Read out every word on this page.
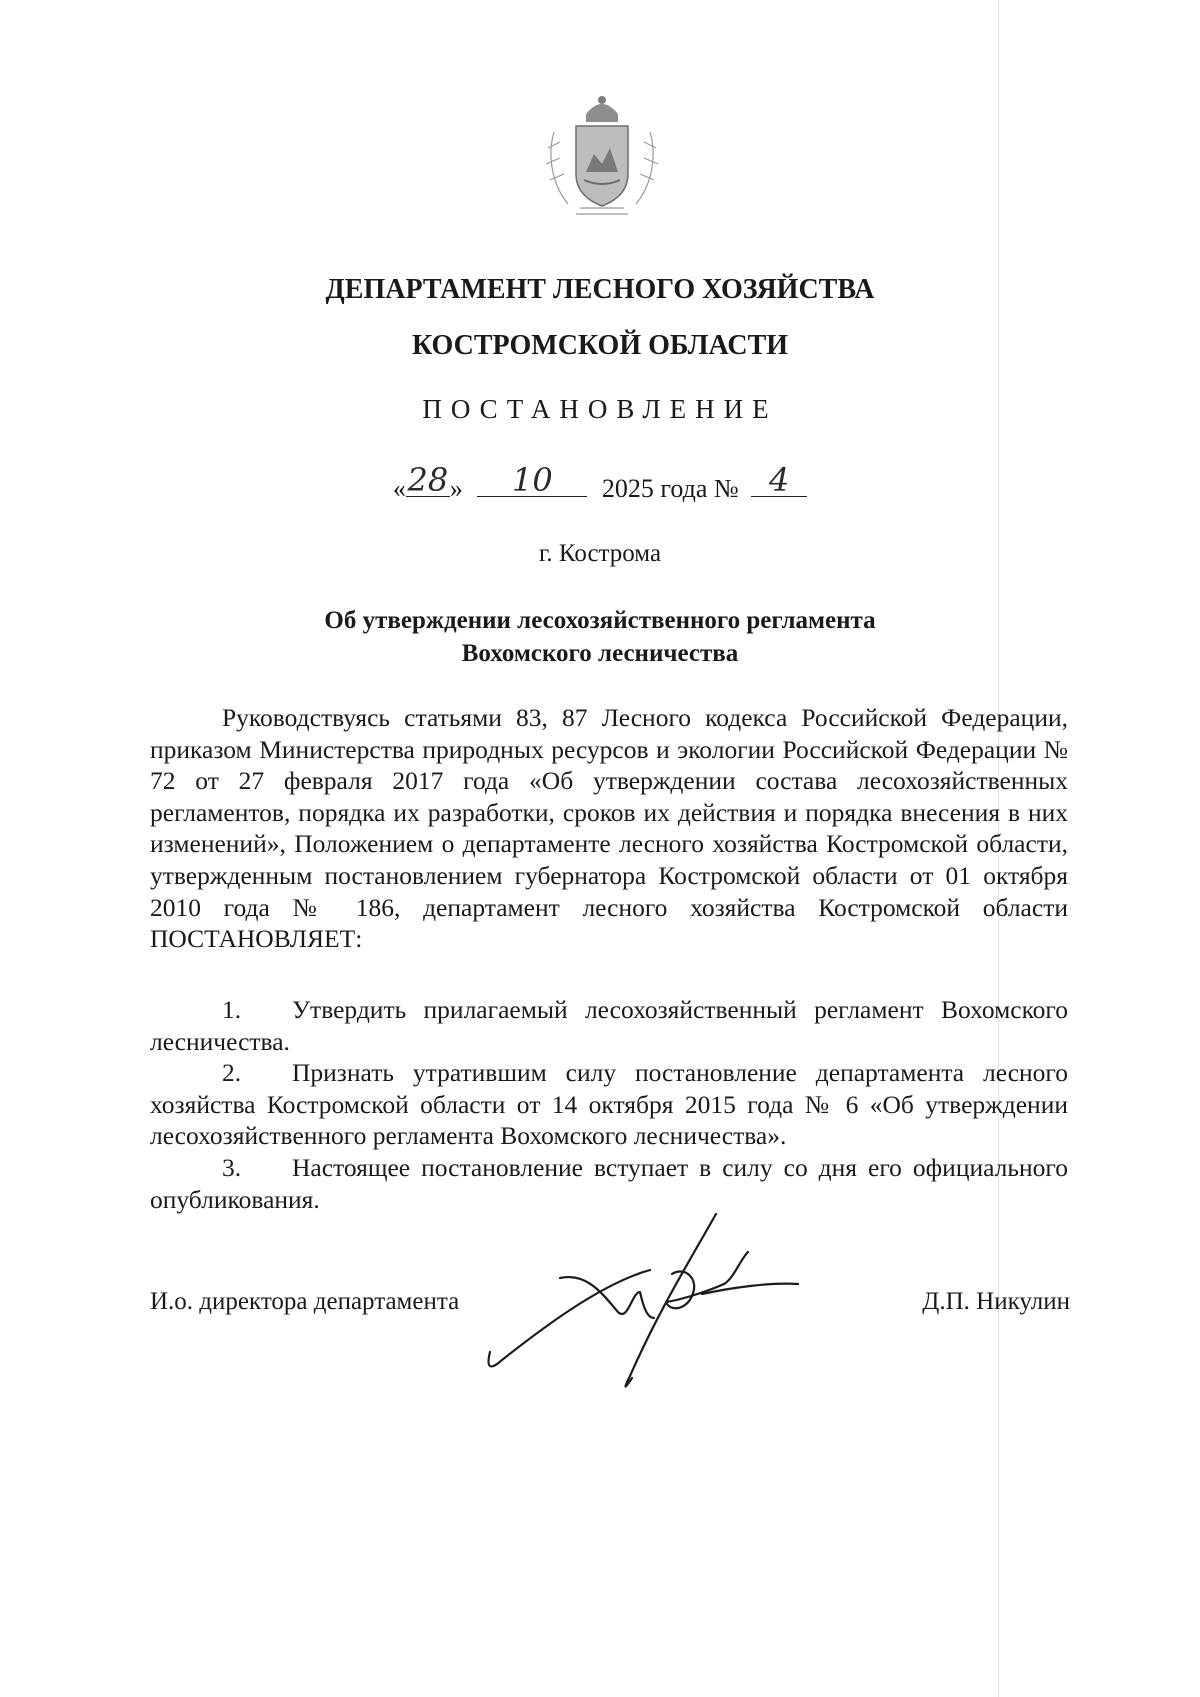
ДЕПАРТАМЕНТ ЛЕСНОГО ХОЗЯЙСТВА
КОСТРОМСКОЙ ОБЛАСТИ
ПОСТАНОВЛЕНИЕ
« 28 »	10	2025 года № 4
г. Кострома
Об утверждении лесохозяйственного регламента
Вохомского лесничества
Руководствуясь статьями 83, 87 Лесного кодекса Российской Федерации, приказом Министерства природных ресурсов и экологии Российской Федерации № 72 от 27 февраля 2017 года «Об утверждении состава лесохозяйственных регламентов, порядка их разработки, сроков их действия и порядка внесения в них изменений», Положением о департаменте лесного хозяйства Костромской области, утвержденным постановлением губернатора Костромской области от 01 октября 2010 года № 186, департамент лесного хозяйства Костромской области ПОСТАНОВЛЯЕТ:
1. Утвердить прилагаемый лесохозяйственный регламент Вохомского лесничества.
2. Признать утратившим силу постановление департамента лесного хозяйства Костромской области от 14 октября 2015 года № 6 «Об утверждении лесохозяйственного регламента Вохомского лесничества».
3. Настоящее постановление вступает в силу со дня его официального опубликования.
И.о. директора департамента	Д.П. Никулин
